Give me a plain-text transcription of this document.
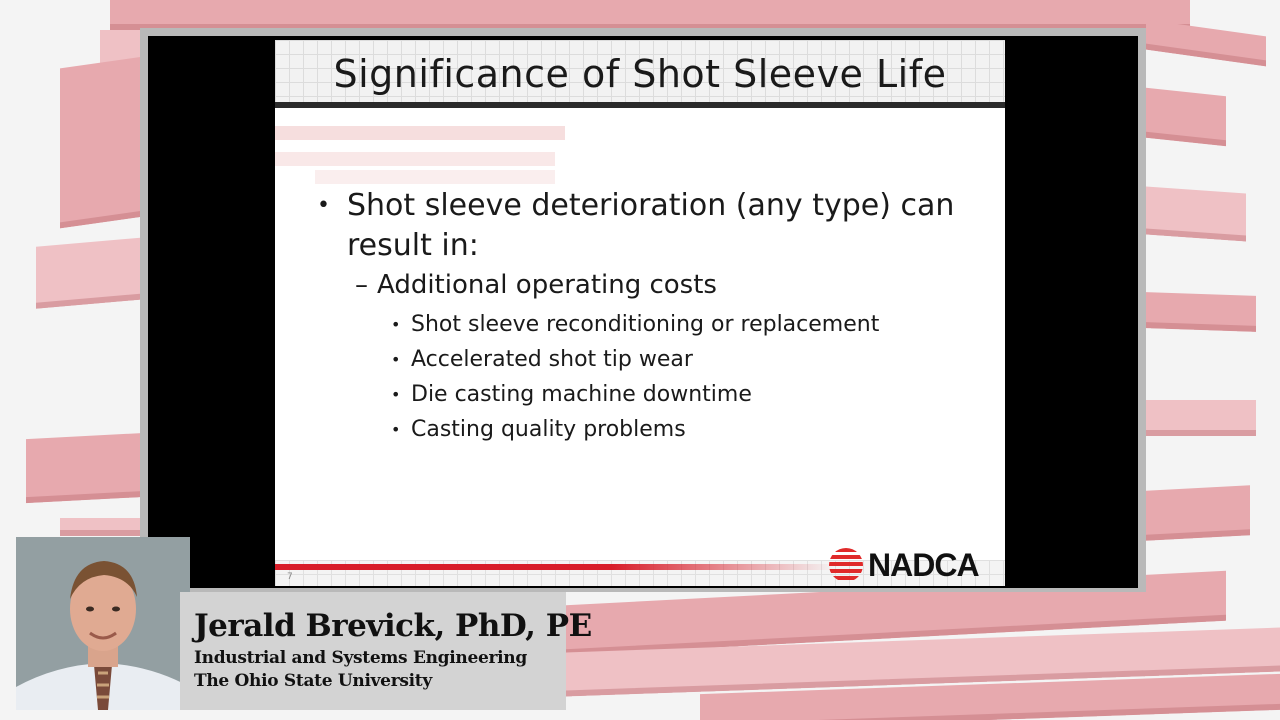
Significance of Shot Sleeve Life
• Shot sleeve deterioration (any type) can result in:
– Additional operating costs
• Shot sleeve reconditioning or replacement
• Accelerated shot tip wear
• Die casting machine downtime
• Casting quality problems
7	NADCA
Jerald Brevick, PhD, PE
Industrial and Systems Engineering
The Ohio State University
